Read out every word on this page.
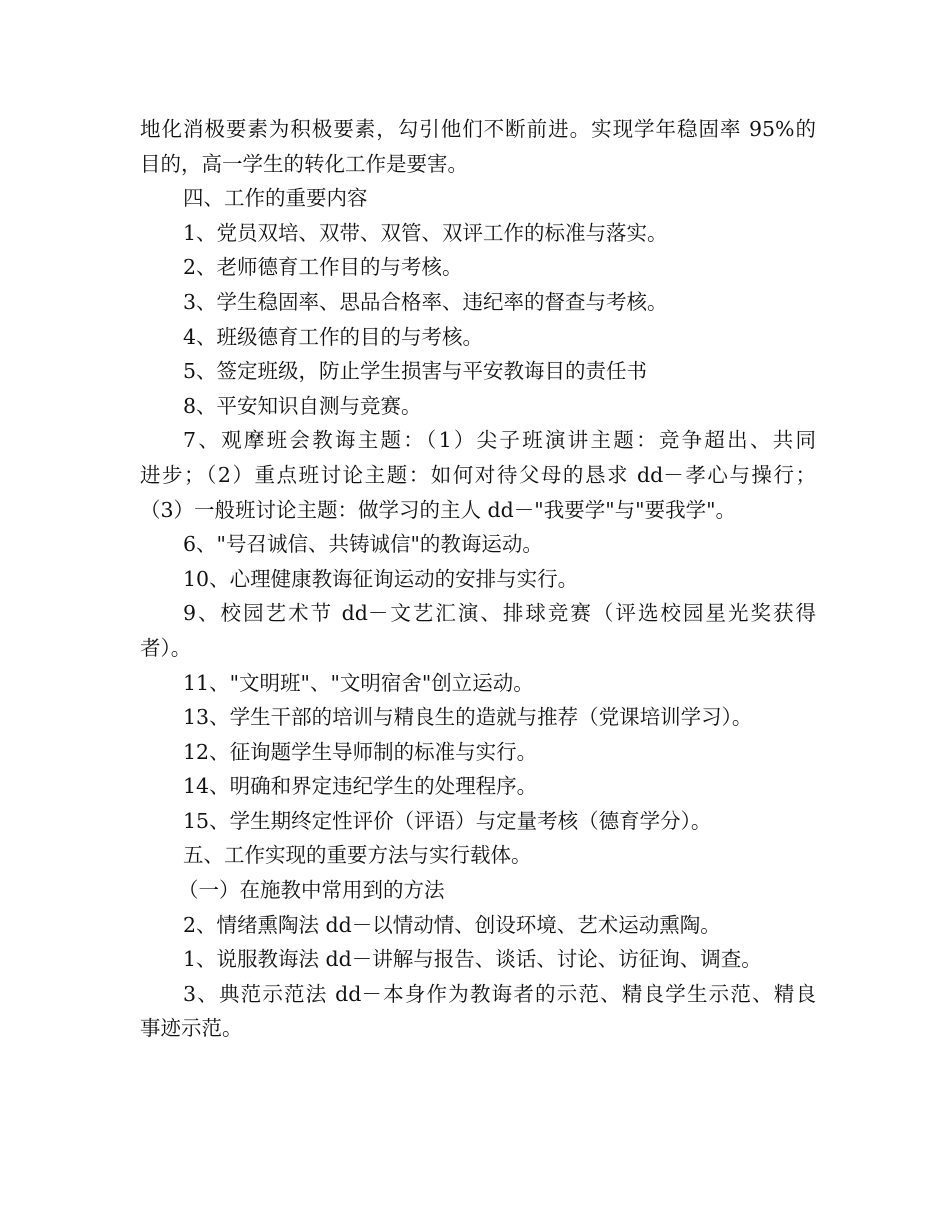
地化消极要素为积极要素，勾引他们不断前进。实现学年稳固率 95%的
目的，高一学生的转化工作是要害。
四、工作的重要内容
1、党员双培、双带、双管、双评工作的标准与落实。
2、老师德育工作目的与考核。
3、学生稳固率、思品合格率、违纪率的督查与考核。
4、班级德育工作的目的与考核。
5、签定班级，防止学生损害与平安教诲目的责任书
8、平安知识自测与竞赛。
7、观摩班会教诲主题：（1）尖子班演讲主题：竞争超出、共同
进步；（2）重点班讨论主题：如何对待父母的恳求 dd－孝心与操行；
（3）一般班讨论主题：做学习的主人 dd－"我要学"与"要我学"。
6、"号召诚信、共铸诚信"的教诲运动。
10、心理健康教诲征询运动的安排与实行。
9、校园艺术节 dd－文艺汇演、排球竞赛（评选校园星光奖获得
者）。
11、"文明班"、"文明宿舍"创立运动。
13、学生干部的培训与精良生的造就与推荐（党课培训学习）。
12、征询题学生导师制的标准与实行。
14、明确和界定违纪学生的处理程序。
15、学生期终定性评价（评语）与定量考核（德育学分）。
五、工作实现的重要方法与实行载体。
（一）在施教中常用到的方法
2、情绪熏陶法 dd－以情动情、创设环境、艺术运动熏陶。
1、说服教诲法 dd－讲解与报告、谈话、讨论、访征询、调查。
3、典范示范法 dd－本身作为教诲者的示范、精良学生示范、精良
事迹示范。
